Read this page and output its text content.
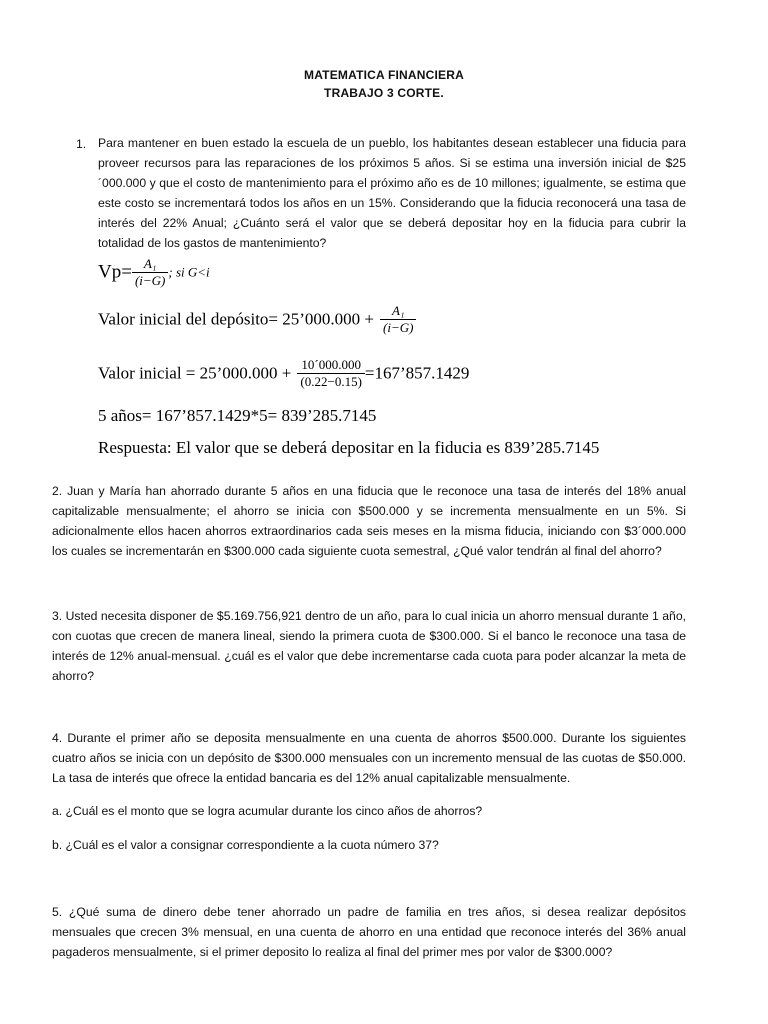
MATEMATICA FINANCIERA
TRABAJO 3 CORTE.
1. Para mantener en buen estado la escuela de un pueblo, los habitantes desean establecer una fiducia para proveer recursos para las reparaciones de los próximos 5 años. Si se estima una inversión inicial de $25 ´000.000 y que el costo de mantenimiento para el próximo año es de 10 millones; igualmente, se estima que este costo se incrementará todos los años en un 15%. Considerando que la fiducia reconocerá una tasa de interés del 22% Anual; ¿Cuánto será el valor que se deberá depositar hoy en la fiducia para cubrir la totalidad de los gastos de mantenimiento?
$Vp= \frac{\text{A₁}}{(i-G)}$ ; si G<i
Valor inicial del depósito= 25’000.000 + $\frac{\text{A₁}}{(i-G)}$
Valor inicial = 25’000.000 + $\frac{10´000.000}{(0.22-0.15)}$ =167’857.1429
5 años= 167’857.1429*5= 839’285.7145
Respuesta: El valor que se deberá depositar en la fiducia es 839’285.7145
2. Juan y María han ahorrado durante 5 años en una fiducia que le reconoce una tasa de interés del 18% anual capitalizable mensualmente; el ahorro se inicia con $500.000 y se incrementa mensualmente en un 5%. Si adicionalmente ellos hacen ahorros extraordinarios cada seis meses en la misma fiducia, iniciando con $3´000.000 los cuales se incrementarán en $300.000 cada siguiente cuota semestral, ¿Qué valor tendrán al final del ahorro?
3. Usted necesita disponer de $5.169.756,921 dentro de un año, para lo cual inicia un ahorro mensual durante 1 año, con cuotas que crecen de manera lineal, siendo la primera cuota de $300.000. Si el banco le reconoce una tasa de interés de 12% anual-mensual. ¿cuál es el valor que debe incrementarse cada cuota para poder alcanzar la meta de ahorro?
4. Durante el primer año se deposita mensualmente en una cuenta de ahorros $500.000. Durante los siguientes cuatro años se inicia con un depósito de $300.000 mensuales con un incremento mensual de las cuotas de $50.000. La tasa de interés que ofrece la entidad bancaria es del 12% anual capitalizable mensualmente.
a. ¿Cuál es el monto que se logra acumular durante los cinco años de ahorros?
b. ¿Cuál es el valor a consignar correspondiente a la cuota número 37?
5. ¿Qué suma de dinero debe tener ahorrado un padre de familia en tres años, si desea realizar depósitos mensuales que crecen 3% mensual, en una cuenta de ahorro en una entidad que reconoce interés del 36% anual pagaderos mensualmente, si el primer deposito lo realiza al final del primer mes por valor de $300.000?
